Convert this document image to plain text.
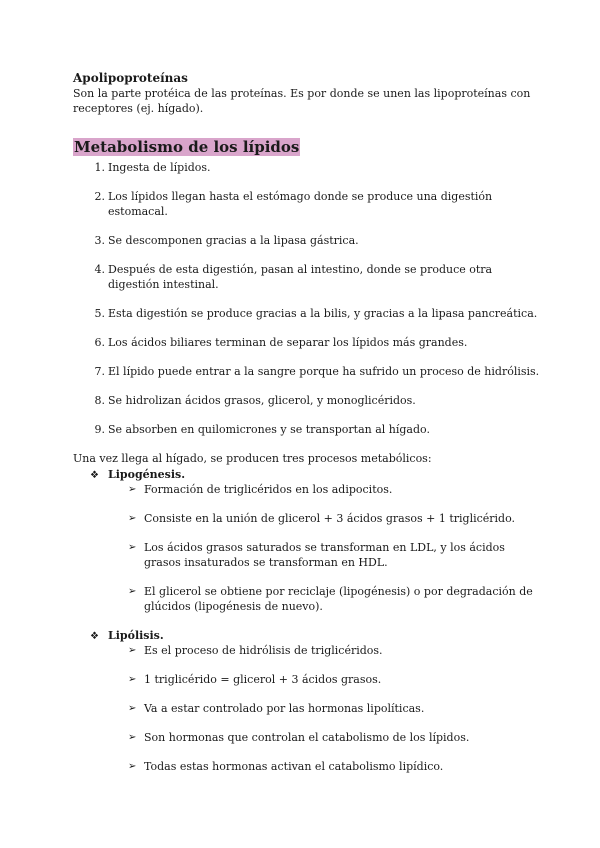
Apolipoproteínas

Son la parte protéica de las proteínas. Es por donde se unen las lipoproteínas con receptores (ej. hígado).

Metabolismo de los lípidos
1. Ingesta de lípidos.
2. Los lípidos llegan hasta el estómago donde se produce una digestión estomacal.
3. Se descomponen gracias a la lipasa gástrica.
4. Después de esta digestión, pasan al intestino, donde se produce otra digestión intestinal.
5. Esta digestión se produce gracias a la bilis, y gracias a la lipasa pancreática.
6. Los ácidos biliares terminan de separar los lípidos más grandes.
7. El lípido puede entrar a la sangre porque ha sufrido un proceso de hidrólisis.
8. Se hidrolizan ácidos grasos, glicerol, y monoglicéridos.
9. Se absorben en quilomicrones y se transportan al hígado.

Una vez llega al hígado, se producen tres procesos metabólicos:

❖ Lipogénesis.
➢ Formación de triglicéridos en los adipocitos.
➢ Consiste en la unión de glicerol + 3 ácidos grasos + 1 triglicérido.
➢ Los ácidos grasos saturados se transforman en LDL, y los ácidos grasos insaturados se transforman en HDL.
➢ El glicerol se obtiene por reciclaje (lipogénesis) o por degradación de glúcidos (lipogénesis de nuevo).
❖ Lipólisis.
➢ Es el proceso de hidrólisis de triglicéridos.
➢ 1 triglicérido = glicerol + 3 ácidos grasos.
➢ Va a estar controlado por las hormonas lipolíticas.
➢ Son hormonas que controlan el catabolismo de los lípidos.
➢ Todas estas hormonas activan el catabolismo lipídico.
